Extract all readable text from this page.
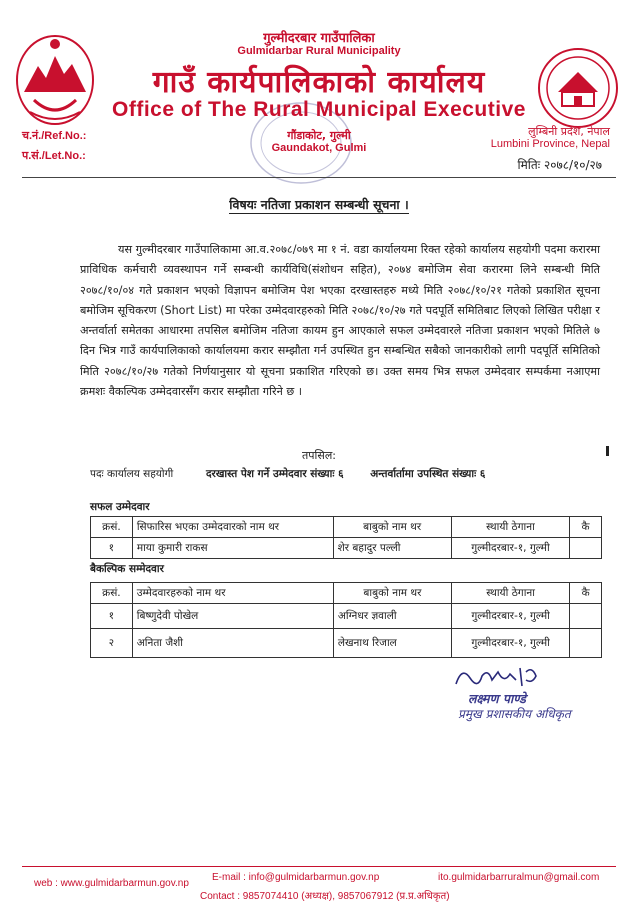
गुल्मीदरबार गाउँपालिका
Gulmidarbar Rural Municipality
गाउँ कार्यपालिकाको कार्यालय
Office of The Rural Municipal Executive
गौंडाकोट, गुल्मी
Gaundakot, Gulmi
च.नं./Ref.No.:
प.सं./Let.No.:
लुम्बिनी प्रदेश, नेपाल
Lumbini Province, Nepal
मितिः २०७८/१०/२७
विषयः नतिजा प्रकाशन सम्बन्धी सूचना ।
यस गुल्मीदरबार गाउँपालिकामा आ.व.२०७८/०७९ मा १ नं. वडा कार्यालयमा रिक्त रहेको कार्यालय सहयोगी पदमा करारमा प्राविधिक कर्मचारी व्यवस्थापन गर्ने सम्बन्धी कार्यविधि(संशोधन सहित), २०७४ बमोजिम सेवा करारमा लिने सम्बन्धी मिति २०७८/१०/०४ गते प्रकाशन भएको विज्ञापन बमोजिम पेश भएका दरखास्तहरु मध्ये मिति २०७८/१०/२१ गतेको प्रकाशित सूचना बमोजिम सूचिकरण (Short List) मा परेका उम्मेदवारहरुको मिति २०७८/१०/२७ गते पदपूर्ति समितिबाट लिएको लिखित परीक्षा र अन्तर्वार्ता समेतका आधारमा तपसिल बमोजिम नतिजा कायम हुन आएकाले सफल उम्मेदवारले नतिजा प्रकाशन भएको मितिले ७ दिन भित्र गाउँ कार्यपालिकाको कार्यालयमा करार सम्झौता गर्न उपस्थित हुन सम्बन्धित सबैको जानकारीको लागी पदपूर्ति समितिको मिति २०७८/१०/२७ गतेको निर्णयानुसार यो सूचना प्रकाशित गरिएको छ। उक्त समय भित्र सफल उम्मेदवार सम्पर्कमा नआएमा क्रमशः वैकल्पिक उम्मेदवारसँग करार सम्झौता गरिने छ ।
तपसिल:
पदः कार्यालय सहयोगी	दरखास्त पेश गर्ने उम्मेदवार संख्याः ६	अन्तर्वार्तामा उपस्थित संख्याः ६
सफल उम्मेदवार
क्रसं.	सिफारिस भएका उम्मेदवारको नाम थर	बाबुको नाम थर	स्थायी ठेगाना	कै
१	माया कुमारी राकस	शेर बहादुर पल्ली	गुल्मीदरबार-१, गुल्मी	
बैकल्पिक सम्मेदवार
क्रसं.	उम्मेदवारहरुको नाम थर	बाबुको नाम थर	स्थायी ठेगाना	कै
१	बिष्णुदेवी पोखेल	अग्निधर ज्ञवाली	गुल्मीदरबार-१, गुल्मी	
२	अनिता जैशी	लेखनाथ रिजाल	गुल्मीदरबार-१, गुल्मी	
लक्ष्मण पाण्डे
प्रमुख प्रशासकीय अधिकृत
web : www.gulmidarbarmun.gov.np
E-mail : info@gulmidarbarmun.gov.np	ito.gulmidarbarruralmun@gmail.com
Contact : 9857074410 (अध्यक्ष), 9857067912 (प्र.प्र.अधिकृत)
